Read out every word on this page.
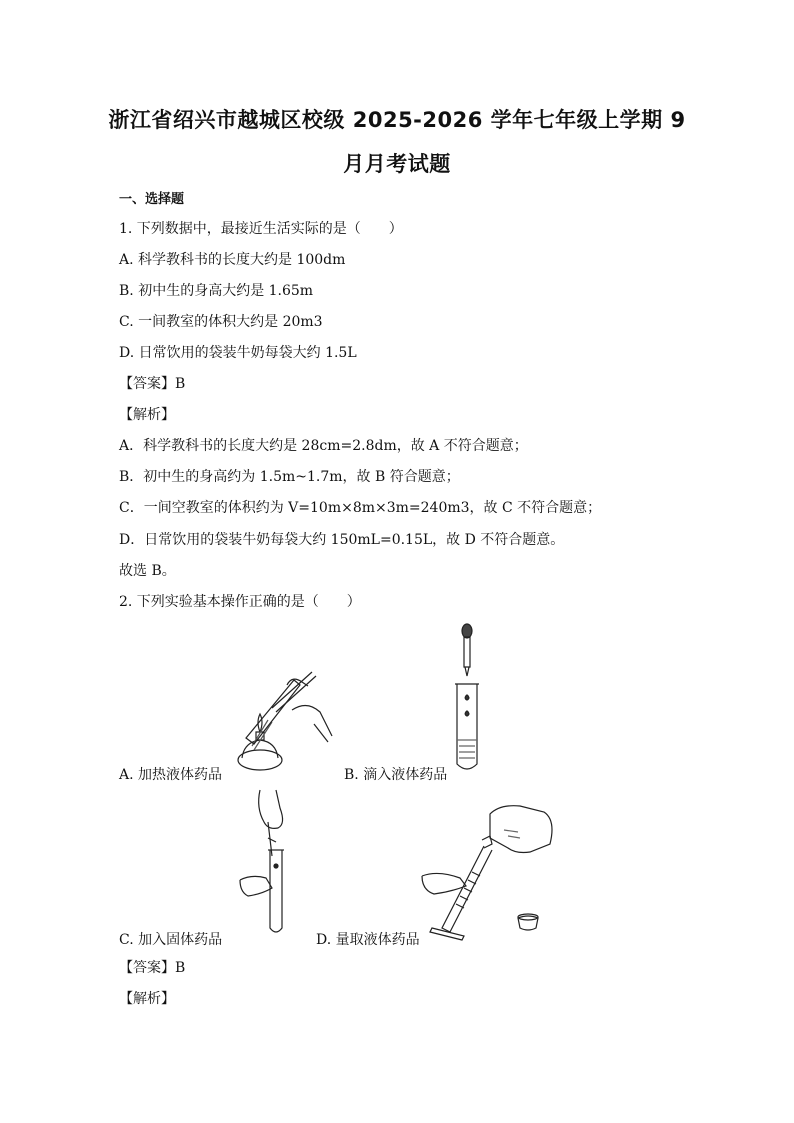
浙江省绍兴市越城区校级 2025-2026 学年七年级上学期 9
月月考试题
一、选择题
1. 下列数据中，最接近生活实际的是（　　）
A. 科学教科书的长度大约是 100dm
B. 初中生的身高大约是 1.65m
C. 一间教室的体积大约是 20m3
D. 日常饮用的袋装牛奶每袋大约 1.5L
【答案】B
【解析】
A．科学教科书的长度大约是 28cm=2.8dm，故 A 不符合题意；
B．初中生的身高约为 1.5m~1.7m，故 B 符合题意；
C．一间空教室的体积约为 V=10m×8m×3m=240m3，故 C 不符合题意；
D．日常饮用的袋装牛奶每袋大约 150mL=0.15L，故 D 不符合题意。
故选 B。
2. 下列实验基本操作正确的是（　　）
A. 加热液体药品	B. 滴入液体药品
C. 加入固体药品	D. 量取液体药品
【答案】B
【解析】
